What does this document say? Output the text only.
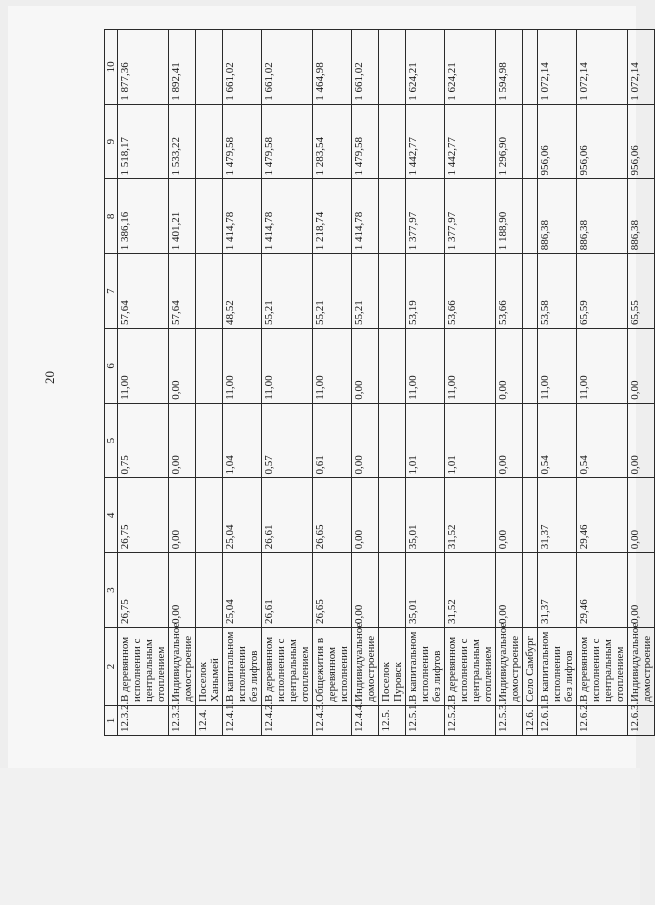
20
1	2	3	4	5	6	7	8	9	10
12.3.2.	В деревянном исполнении с центральным отоплением	26,75	26,75	0,75	11,00	57,64	1 386,16	1 518,17	1 877,36
12.3.3.	Индивидуальное домостроение	0,00	0,00	0,00	0,00	57,64	1 401,21	1 533,22	1 892,41
12.4.	Поселок Ханымей								
12.4.1.	В капитальном исполнении без лифтов	25,04	25,04	1,04	11,00	48,52	1 414,78	1 479,58	1 661,02
12.4.2.	В деревянном исполнении с центральным отоплением	26,61	26,61	0,57	11,00	55,21	1 414,78	1 479,58	1 661,02
12.4.3.	Общежития в деревянном исполнении	26,65	26,65	0,61	11,00	55,21	1 218,74	1 283,54	1 464,98
12.4.4.	Индивидуальное домостроение	0,00	0,00	0,00	0,00	55,21	1 414,78	1 479,58	1 661,02
12.5.	Поселок Пуровск								
12.5.1.	В капитальном исполнении без лифтов	35,01	35,01	1,01	11,00	53,19	1 377,97	1 442,77	1 624,21
12.5.2.	В деревянном исполнении с центральным отоплением	31,52	31,52	1,01	11,00	53,66	1 377,97	1 442,77	1 624,21
12.5.3.	Индивидуальное домостроение	0,00	0,00	0,00	0,00	53,66	1 188,90	1 296,90	1 594,98
12.6.	Село Самбург								
12.6.1.	В капитальном исполнении без лифтов	31,37	31,37	0,54	11,00	53,58	886,38	956,06	1 072,14
12.6.2.	В деревянном исполнении с центральным отоплением	29,46	29,46	0,54	11,00	65,59	886,38	956,06	1 072,14
12.6.3.	Индивидуальное домостроение	0,00	0,00	0,00	0,00	65,55	886,38	956,06	1 072,14
